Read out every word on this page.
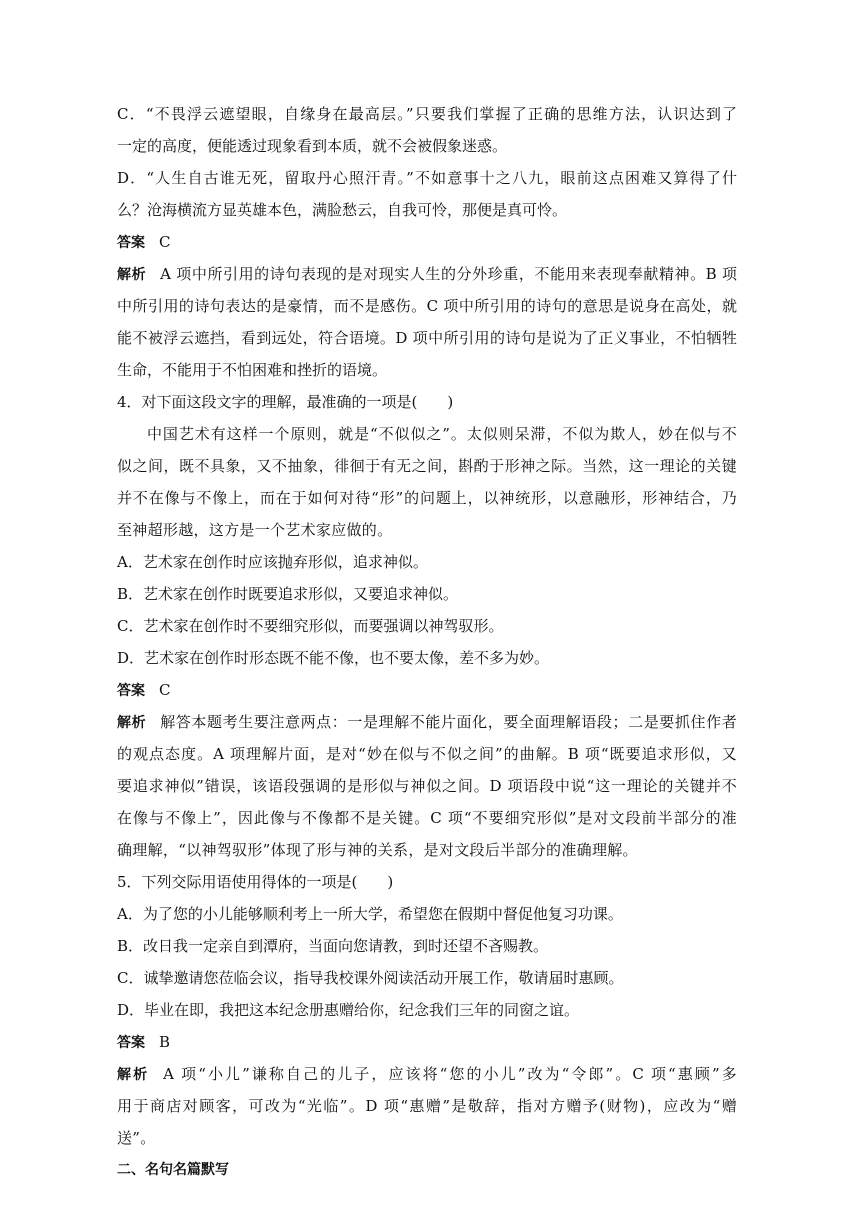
C．“不畏浮云遮望眼，自缘身在最高层。”只要我们掌握了正确的思维方法，认识达到了
一定的高度，便能透过现象看到本质，就不会被假象迷惑。
D．“人生自古谁无死，留取丹心照汗青。”不如意事十之八九，眼前这点困难又算得了什
么？沧海横流方显英雄本色，满脸愁云，自我可怜，那便是真可怜。
答案 C
解析 A 项中所引用的诗句表现的是对现实人生的分外珍重，不能用来表现奉献精神。B 项
中所引用的诗句表达的是豪情，而不是感伤。C 项中所引用的诗句的意思是说身在高处，就
能不被浮云遮挡，看到远处，符合语境。D 项中所引用的诗句是说为了正义事业，不怕牺牲
生命，不能用于不怕困难和挫折的语境。
4．对下面这段文字的理解，最准确的一项是(　　)
中国艺术有这样一个原则，就是“不似似之”。太似则呆滞，不似为欺人，妙在似与不
似之间，既不具象，又不抽象，徘徊于有无之间，斟酌于形神之际。当然，这一理论的关键
并不在像与不像上，而在于如何对待“形”的问题上，以神统形，以意融形，形神结合，乃
至神超形越，这方是一个艺术家应做的。
A．艺术家在创作时应该抛弃形似，追求神似。
B．艺术家在创作时既要追求形似，又要追求神似。
C．艺术家在创作时不要细究形似，而要强调以神驾驭形。
D．艺术家在创作时形态既不能不像，也不要太像，差不多为妙。
答案 C
解析 解答本题考生要注意两点：一是理解不能片面化，要全面理解语段；二是要抓住作者
的观点态度。A 项理解片面，是对“妙在似与不似之间”的曲解。B 项“既要追求形似，又
要追求神似”错误，该语段强调的是形似与神似之间。D 项语段中说“这一理论的关键并不
在像与不像上”，因此像与不像都不是关键。C 项“不要细究形似”是对文段前半部分的准
确理解，“以神驾驭形”体现了形与神的关系，是对文段后半部分的准确理解。
5．下列交际用语使用得体的一项是(　　)
A．为了您的小儿能够顺利考上一所大学，希望您在假期中督促他复习功课。
B．改日我一定亲自到潭府，当面向您请教，到时还望不吝赐教。
C．诚挚邀请您莅临会议，指导我校课外阅读活动开展工作，敬请届时惠顾。
D．毕业在即，我把这本纪念册惠赠给你，纪念我们三年的同窗之谊。
答案 B
解析 A 项“小儿”谦称自己的儿子，应该将“您的小儿”改为“令郎”。C 项“惠顾”多
用于商店对顾客，可改为“光临”。D 项“惠赠”是敬辞，指对方赠予(财物)，应改为“赠
送”。
二、名句名篇默写
